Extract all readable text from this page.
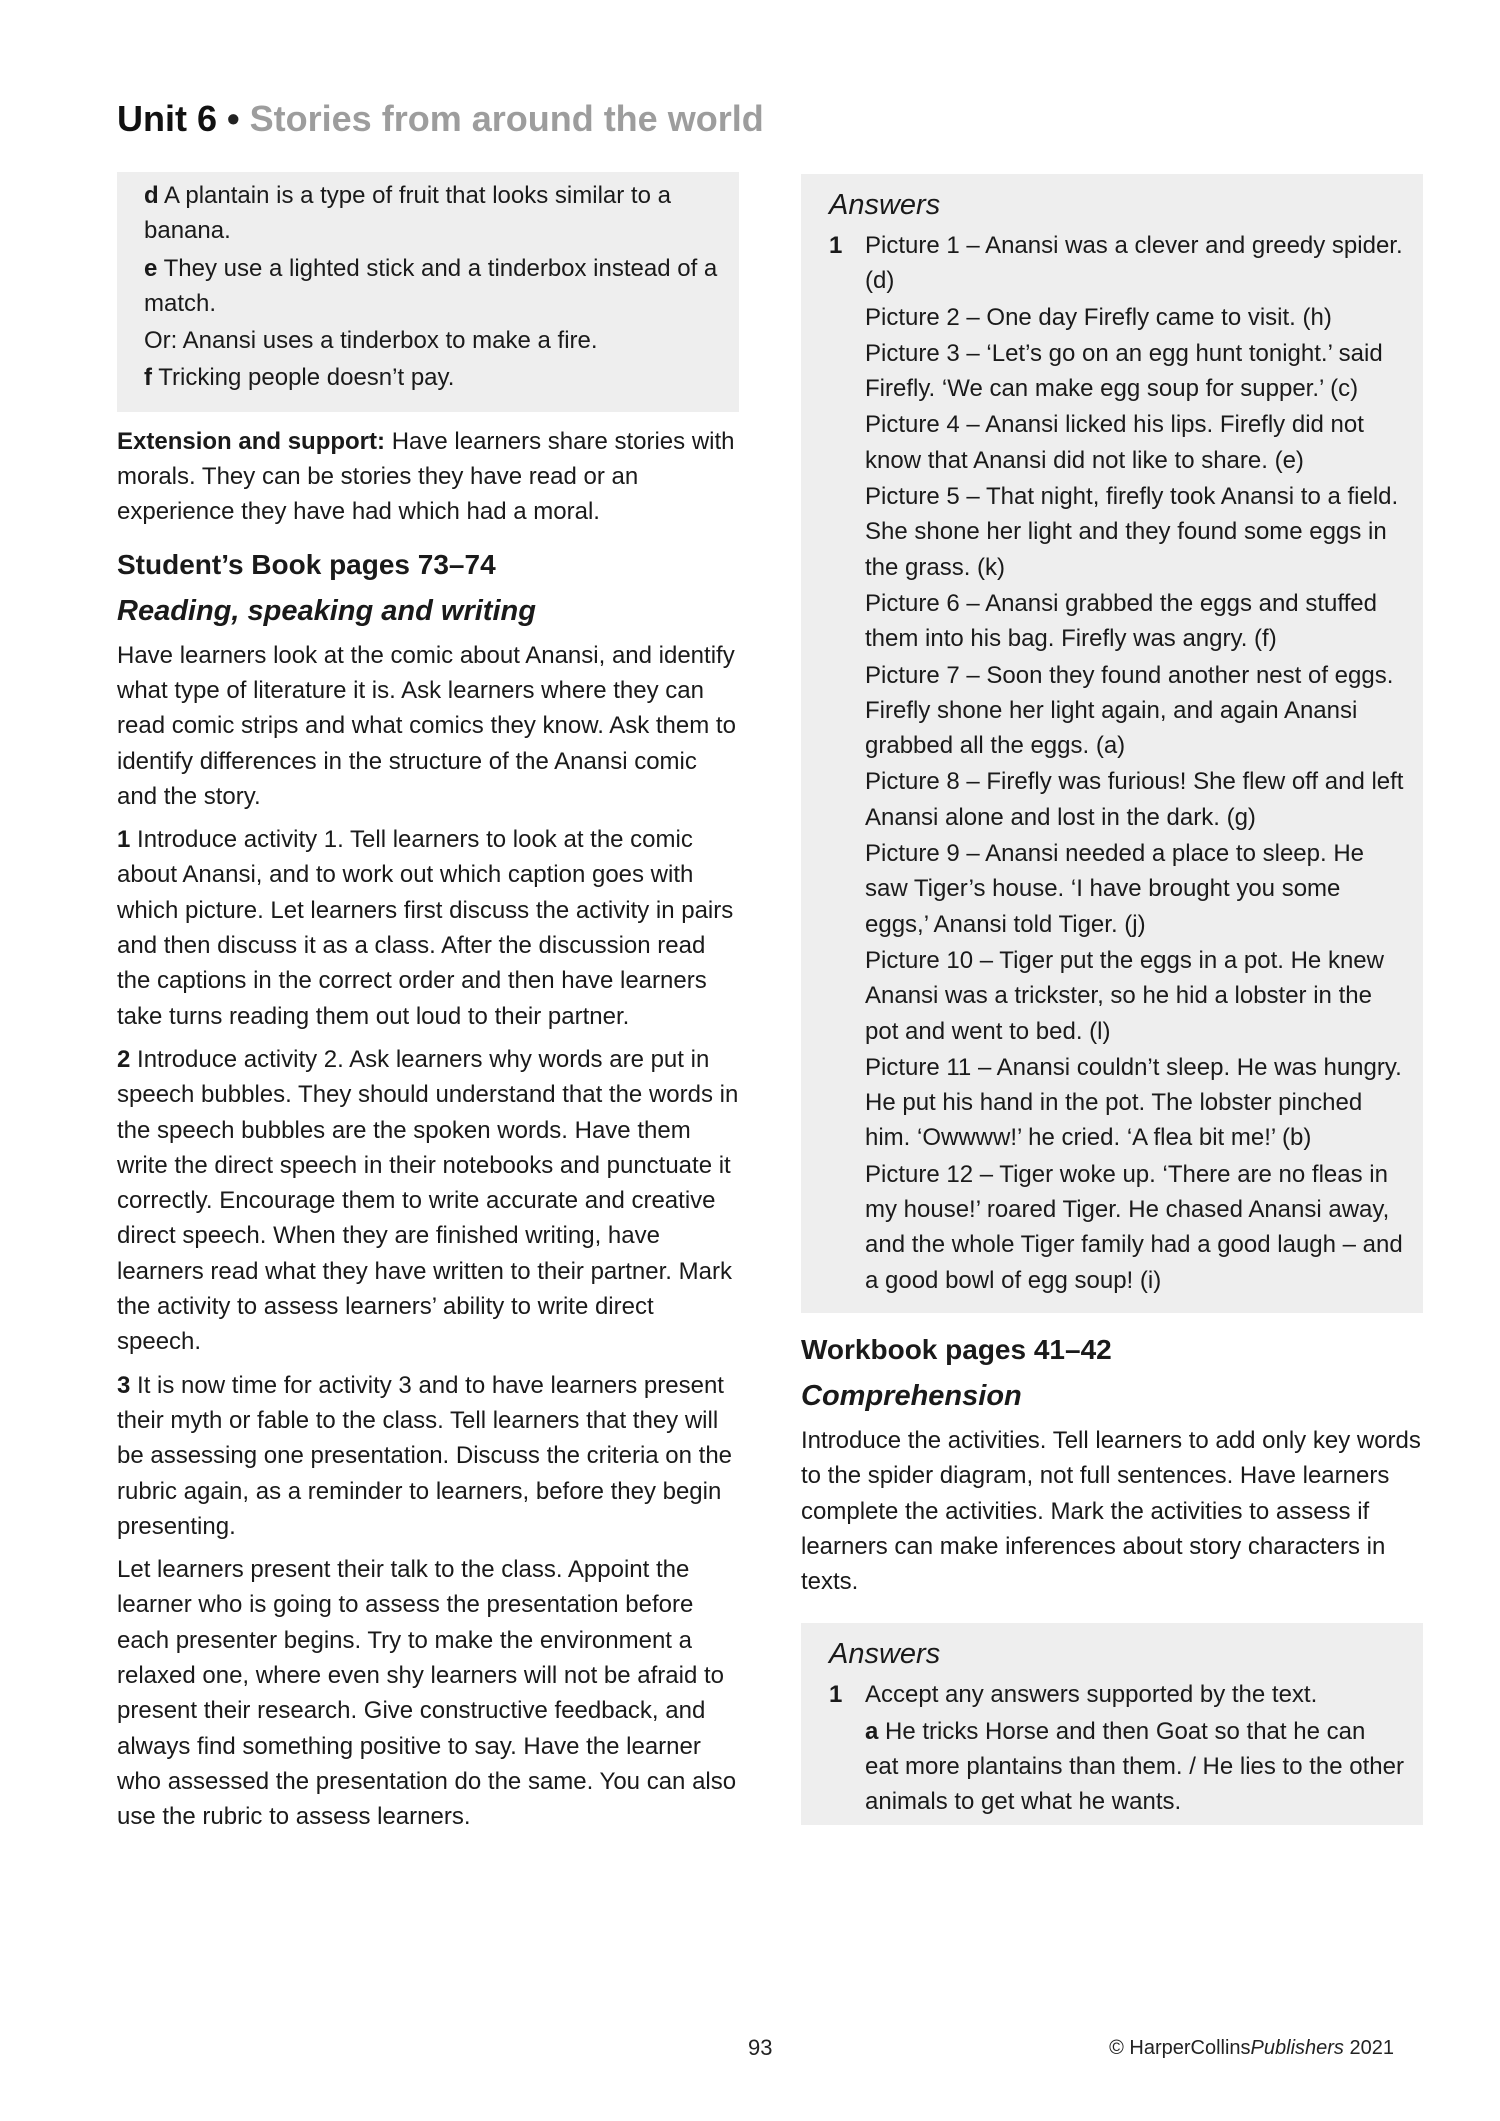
Unit 6 • Stories from around the world

d A plantain is a type of fruit that looks similar to a banana.

e They use a lighted stick and a tinderbox instead of a match.

Or: Anansi uses a tinderbox to make a fire.

f Tricking people doesn’t pay.

Extension and support: Have learners share stories with morals. They can be stories they have read or an experience they have had which had a moral.

Student’s Book pages 73–74
Reading, speaking and writing

Have learners look at the comic about Anansi, and identify what type of literature it is. Ask learners where they can read comic strips and what comics they know. Ask them to identify differences in the structure of the Anansi comic and the story.

1 Introduce activity 1. Tell learners to look at the comic about Anansi, and to work out which caption goes with which picture. Let learners first discuss the activity in pairs and then discuss it as a class. After the discussion read the captions in the correct order and then have learners take turns reading them out loud to their partner.

2 Introduce activity 2. Ask learners why words are put in speech bubbles. They should understand that the words in the speech bubbles are the spoken words. Have them write the direct speech in their notebooks and punctuate it correctly. Encourage them to write accurate and creative direct speech. When they are finished writing, have learners read what they have written to their partner. Mark the activity to assess learners’ ability to write direct speech.

3 It is now time for activity 3 and to have learners present their myth or fable to the class. Tell learners that they will be assessing one presentation. Discuss the criteria on the rubric again, as a reminder to learners, before they begin presenting.

Let learners present their talk to the class. Appoint the learner who is going to assess the presentation before each presenter begins. Try to make the environment a relaxed one, where even shy learners will not be afraid to present their research. Give constructive feedback, and always find something positive to say. Have the learner who assessed the presentation do the same. You can also use the rubric to assess learners.

Answers
1 Picture 1 – Anansi was a clever and greedy spider. (d)

Picture 2 – One day Firefly came to visit. (h)

Picture 3 – ‘Let’s go on an egg hunt tonight.’ said Firefly. ‘We can make egg soup for supper.’ (c)

Picture 4 – Anansi licked his lips. Firefly did not know that Anansi did not like to share. (e)

Picture 5 – That night, firefly took Anansi to a field. She shone her light and they found some eggs in the grass. (k)

Picture 6 – Anansi grabbed the eggs and stuffed them into his bag. Firefly was angry. (f)

Picture 7 – Soon they found another nest of eggs. Firefly shone her light again, and again Anansi grabbed all the eggs. (a)

Picture 8 – Firefly was furious! She flew off and left Anansi alone and lost in the dark. (g)

Picture 9 – Anansi needed a place to sleep. He saw Tiger’s house. ‘I have brought you some eggs,’ Anansi told Tiger. (j)

Picture 10 – Tiger put the eggs in a pot. He knew Anansi was a trickster, so he hid a lobster in the pot and went to bed. (l)

Picture 11 – Anansi couldn’t sleep. He was hungry. He put his hand in the pot. The lobster pinched him. ‘Owwww!’ he cried. ‘A flea bit me!’ (b)

Picture 12 – Tiger woke up. ‘There are no fleas in my house!’ roared Tiger. He chased Anansi away, and the whole Tiger family had a good laugh – and a good bowl of egg soup! (i)

Workbook pages 41–42
Comprehension

Introduce the activities. Tell learners to add only key words to the spider diagram, not full sentences. Have learners complete the activities. Mark the activities to assess if learners can make inferences about story characters in texts.

Answers
1 Accept any answers supported by the text.

a He tricks Horse and then Goat so that he can eat more plantains than them. / He lies to the other animals to get what he wants.

93	© HarperCollinsPublishers 2021
